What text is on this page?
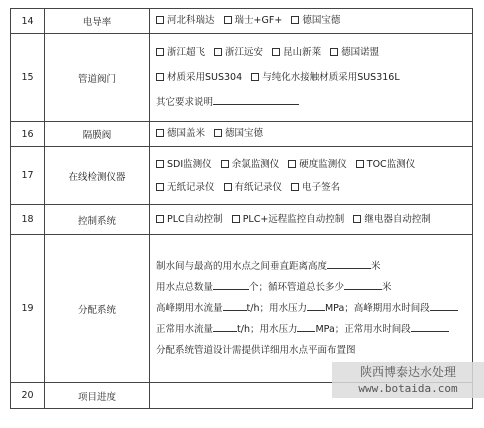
14	电导率	河北科瑞达 瑞士+GF+ 德国宝德

15	管道阀门	浙江超飞 浙江远安 昆山新莱 德国诺盟
材质采用SUS304 与纯化水接触材质采用SUS316L
其它要求说明

16	隔膜阀	德国盖米 德国宝德

17	在线检测仪器	SDI监测仪 余氯监测仪 硬度监测仪 TOC监测仪
无纸记录仪 有纸记录仪 电子签名

18	控制系统	PLC自动控制 PLC+远程监控自动控制 继电器自动控制

19	分配系统	制水间与最高的用水点之间垂直距离高度 米
用水点总数量 个；循环管道总长多少 米
高峰期用水流量 t/h；用水压力 MPa；高峰期用水时间段
正常用水流量 t/h；用水压力 MPa；正常用水时间段
分配系统管道设计需提供详细用水点平面布置图

20	项目进度	
陕西博泰达水处理
www.botaida.com
